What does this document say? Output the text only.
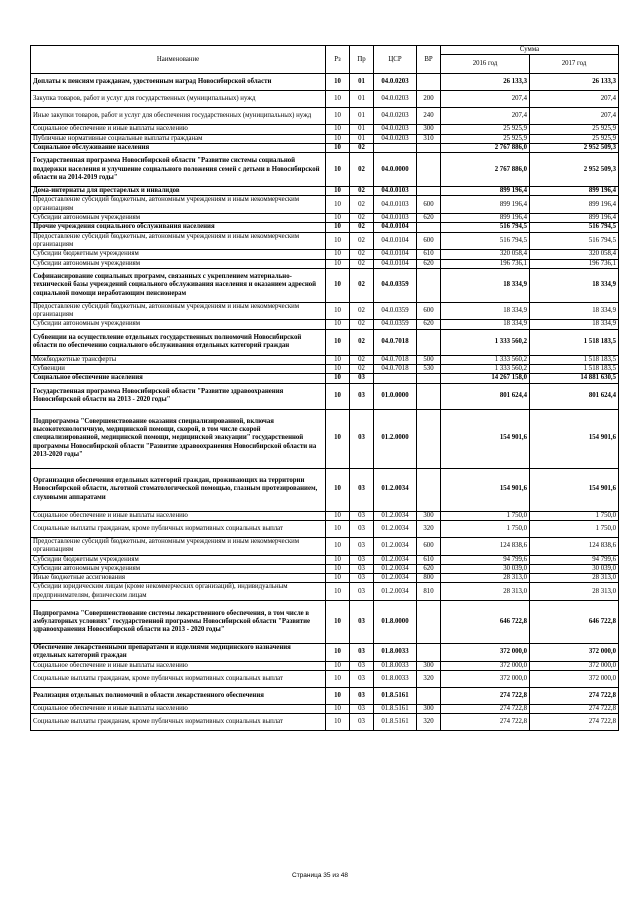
Наименование	Рз	Пр	ЦСР	ВР	Сумма	
					2016 год	2017 год
Доплаты к пенсиям гражданам, удостоенным наград Новосибирской области	10	01	04.0.0203		26 133,3	26 133,3
Закупка товаров, работ и услуг для государственных (муниципальных) нужд	10	01	04.0.0203	200	207,4	207,4
Иные закупки товаров, работ и услуг для обеспечения государственных (муниципальных) нужд	10	01	04.0.0203	240	207,4	207,4
Социальное обеспечение и иные выплаты населению	10	01	04.0.0203	300	25 925,9	25 925,9
Публичные нормативные социальные выплаты гражданам	10	01	04.0.0203	310	25 925,9	25 925,9
Социальное обслуживание населения	10	02			2 767 886,0	2 952 509,3
Государственная программа Новосибирской области "Развитие системы социальной поддержки населения и улучшение социального положения семей с детьми в Новосибирской области на 2014-2019 годы"	10	02	04.0.0000		2 767 886,0	2 952 509,3
Дома-интернаты для престарелых и инвалидов	10	02	04.0.0103		899 196,4	899 196,4
Предоставление субсидий бюджетным, автономным учреждениям и иным некоммерческим организациям	10	02	04.0.0103	600	899 196,4	899 196,4
Субсидии автономным учреждениям	10	02	04.0.0103	620	899 196,4	899 196,4
Прочие учреждения социального обслуживания населения	10	02	04.0.0104		516 794,5	516 794,5
Предоставление субсидий бюджетным, автономным учреждениям и иным некоммерческим организациям	10	02	04.0.0104	600	516 794,5	516 794,5
Субсидии бюджетным учреждениям	10	02	04.0.0104	610	320 058,4	320 058,4
Субсидии автономным учреждениям	10	02	04.0.0104	620	196 736,1	196 736,1
Софинансирование социальных программ, связанных с укреплением материально-технической базы учреждений социального обслуживания населения и оказанием адресной социальной помощи неработающим пенсионерам	10	02	04.0.0359		18 334,9	18 334,9
Предоставление субсидий бюджетным, автономным учреждениям и иным некоммерческим организациям	10	02	04.0.0359	600	18 334,9	18 334,9
Субсидии автономным учреждениям	10	02	04.0.0359	620	18 334,9	18 334,9
Субвенции на осуществление отдельных государственных полномочий Новосибирской области по обеспечению социального обслуживания отдельных категорий граждан	10	02	04.0.7018		1 333 560,2	1 518 183,5
Межбюджетные трансферты	10	02	04.0.7018	500	1 333 560,2	1 518 183,5
Субвенции	10	02	04.0.7018	530	1 333 560,2	1 518 183,5
Социальное обеспечение населения	10	03			14 267 158,0	14 881 630,5
Государственная программа Новосибирской области "Развитие здравоохранения Новосибирской области на 2013 - 2020 годы"	10	03	01.0.0000		801 624,4	801 624,4
Подпрограмма "Совершенствование оказания специализированной, включая высокотехнологичную, медицинской помощи, скорой, в том числе скорой специализированной, медицинской помощи, медицинской эвакуации" государственной программы Новосибирской области "Развитие здравоохранения Новосибирской области на 2013-2020 годы"	10	03	01.2.0000		154 901,6	154 901,6
Организация обеспечения отдельных категорий граждан, проживающих на территории Новосибирской области, льготной стоматологической помощью, глазным протезированием, слуховыми аппаратами	10	03	01.2.0034		154 901,6	154 901,6
Социальное обеспечение и иные выплаты населению	10	03	01.2.0034	300	1 750,0	1 750,0
Социальные выплаты гражданам, кроме публичных нормативных социальных выплат	10	03	01.2.0034	320	1 750,0	1 750,0
Предоставление субсидий бюджетным, автономным учреждениям и иным некоммерческим организациям	10	03	01.2.0034	600	124 838,6	124 838,6
Субсидии бюджетным учреждениям	10	03	01.2.0034	610	94 799,6	94 799,6
Субсидии автономным учреждениям	10	03	01.2.0034	620	30 039,0	30 039,0
Иные бюджетные ассигнования	10	03	01.2.0034	800	28 313,0	28 313,0
Субсидии юридическим лицам (кроме некоммерческих организаций), индивидуальным предпринимателям, физическим лицам	10	03	01.2.0034	810	28 313,0	28 313,0
Подпрограмма "Совершенствование системы лекарственного обеспечения, в том числе в амбулаторных условиях" государственной программы Новосибирской области "Развитие здравоохранения Новосибирской области на 2013 - 2020 годы"	10	03	01.8.0000		646 722,8	646 722,8
Обеспечение лекарственными препаратами и изделиями медицинского назначения отдельных категорий граждан	10	03	01.8.0033		372 000,0	372 000,0
Социальное обеспечение и иные выплаты населению	10	03	01.8.0033	300	372 000,0	372 000,0
Социальные выплаты гражданам, кроме публичных нормативных социальных выплат	10	03	01.8.0033	320	372 000,0	372 000,0
Реализация отдельных полномочий в области лекарственного обеспечения	10	03	01.8.5161		274 722,8	274 722,8
Социальное обеспечение и иные выплаты населению	10	03	01.8.5161	300	274 722,8	274 722,8
Социальные выплаты гражданам, кроме публичных нормативных социальных выплат	10	03	01.8.5161	320	274 722,8	274 722,8
Страница 35 из 48
